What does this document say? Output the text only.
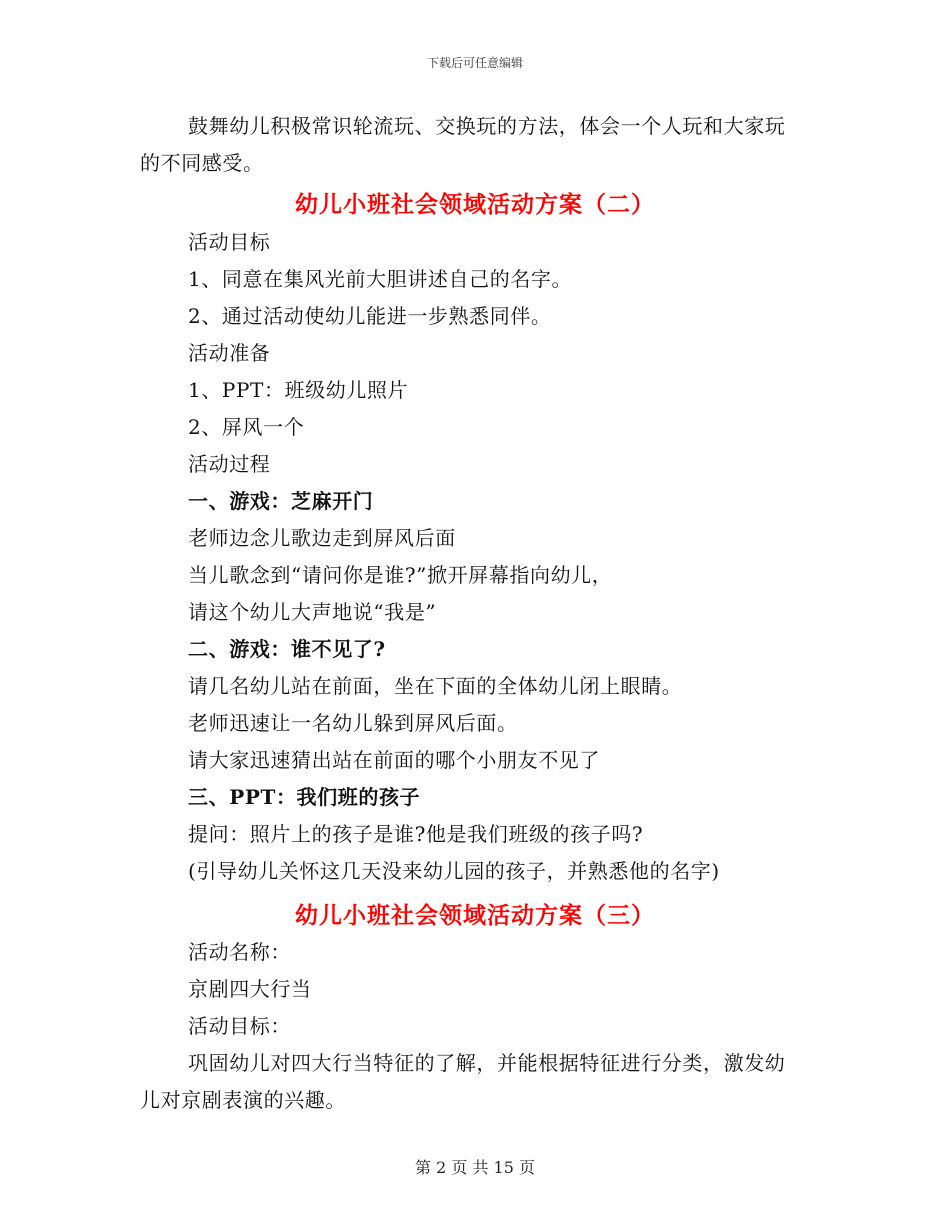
下载后可任意编辑
鼓舞幼儿积极常识轮流玩、交换玩的方法，体会一个人玩和大家玩的不同感受。
幼儿小班社会领域活动方案（二）
活动目标
1、同意在集风光前大胆讲述自己的名字。
2、通过活动使幼儿能进一步熟悉同伴。
活动准备
1、PPT：班级幼儿照片
2、屏风一个
活动过程
一、游戏：芝麻开门
老师边念儿歌边走到屏风后面
当儿歌念到“请问你是谁?”掀开屏幕指向幼儿，
请这个幼儿大声地说“我是”
二、游戏：谁不见了?
请几名幼儿站在前面，坐在下面的全体幼儿闭上眼睛。
老师迅速让一名幼儿躲到屏风后面。
请大家迅速猜出站在前面的哪个小朋友不见了
三、PPT：我们班的孩子
提问：照片上的孩子是谁?他是我们班级的孩子吗?
(引导幼儿关怀这几天没来幼儿园的孩子，并熟悉他的名字)
幼儿小班社会领域活动方案（三）
活动名称：
京剧四大行当
活动目标：
巩固幼儿对四大行当特征的了解，并能根据特征进行分类，激发幼儿对京剧表演的兴趣。
第 2 页 共 15 页
